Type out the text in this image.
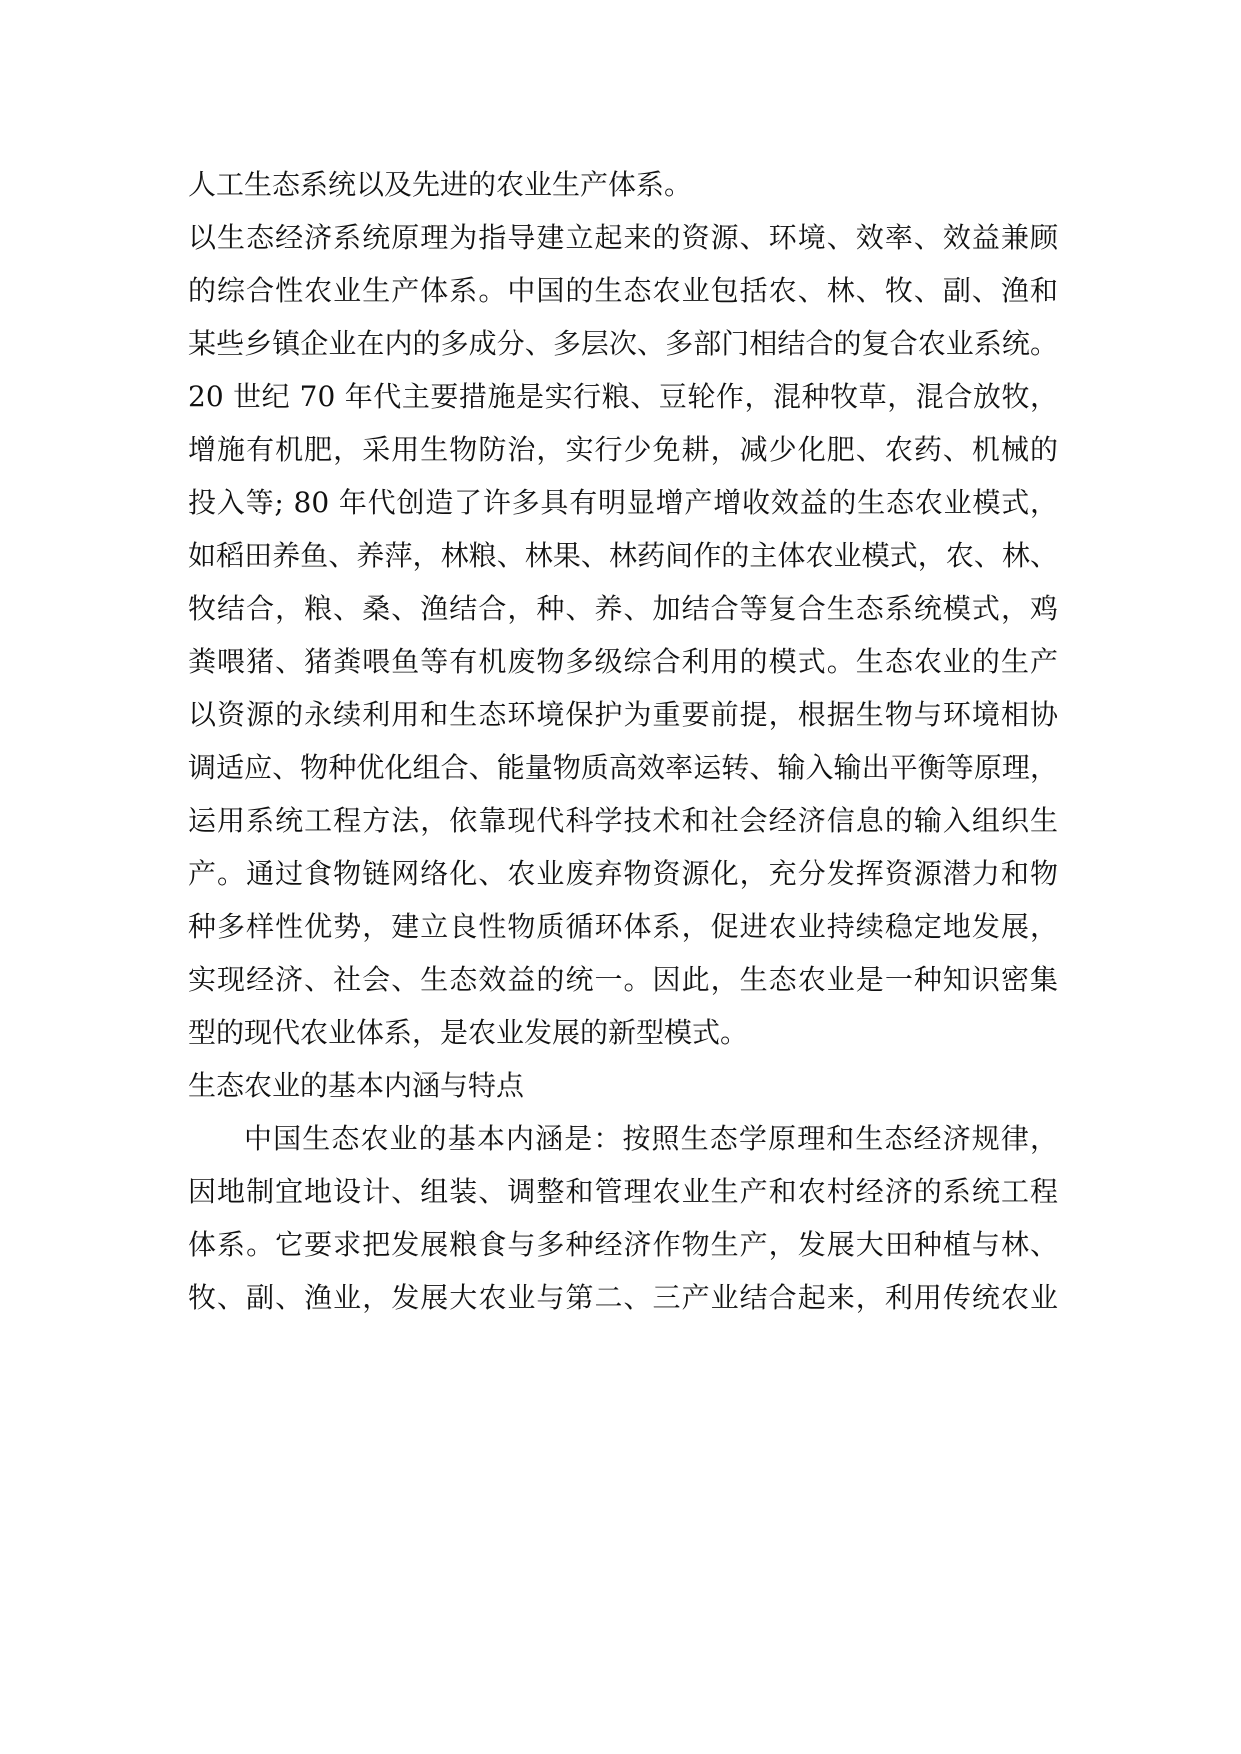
人工生态系统以及先进的农业生产体系。
以生态经济系统原理为指导建立起来的资源、环境、效率、效益兼顾
的综合性农业生产体系。中国的生态农业包括农、林、牧、副、渔和
某些乡镇企业在内的多成分、多层次、多部门相结合的复合农业系统。
20 世纪 70 年代主要措施是实行粮、豆轮作，混种牧草，混合放牧，
增施有机肥，采用生物防治，实行少免耕，减少化肥、农药、机械的
投入等; 80 年代创造了许多具有明显增产增收效益的生态农业模式，
如稻田养鱼、养萍，林粮、林果、林药间作的主体农业模式，农、林、
牧结合，粮、桑、渔结合，种、养、加结合等复合生态系统模式，鸡
粪喂猪、猪粪喂鱼等有机废物多级综合利用的模式。生态农业的生产
以资源的永续利用和生态环境保护为重要前提，根据生物与环境相协
调适应、物种优化组合、能量物质高效率运转、输入输出平衡等原理，
运用系统工程方法，依靠现代科学技术和社会经济信息的输入组织生
产。通过食物链网络化、农业废弃物资源化，充分发挥资源潜力和物
种多样性优势，建立良性物质循环体系，促进农业持续稳定地发展，
实现经济、社会、生态效益的统一。因此，生态农业是一种知识密集
型的现代农业体系，是农业发展的新型模式。
生态农业的基本内涵与特点
中国生态农业的基本内涵是：按照生态学原理和生态经济规律，
因地制宜地设计、组装、调整和管理农业生产和农村经济的系统工程
体系。它要求把发展粮食与多种经济作物生产，发展大田种植与林、
牧、副、渔业，发展大农业与第二、三产业结合起来，利用传统农业
